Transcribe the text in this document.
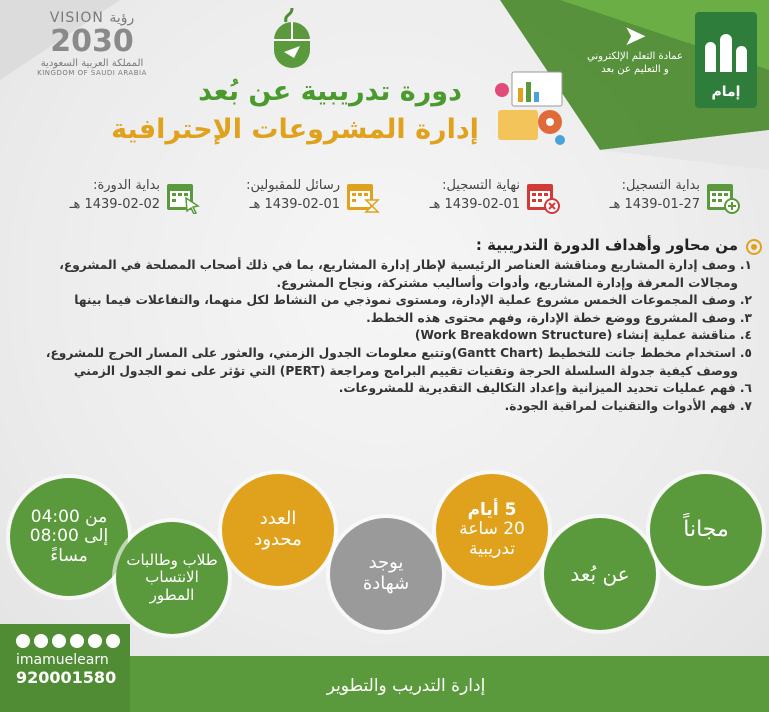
إمام
➤
عمادة التعلم الإلكتروني
و التعليم عن بعد
VISION رؤية
2030
المملكة العربية السعودية
KINGDOM OF SAUDI ARABIA
دورة تدريبية عن بُعد
إدارة المشروعات الإحترافية
بداية التسجيل:
1439-01-27 هـ
نهاية التسجيل:
1439-02-01 هـ
رسائل للمقبولين:
1439-02-01 هـ
بداية الدورة:
1439-02-02 هـ
من محاور وأهداف الدورة التدريبية :
١. وصف إدارة المشاريع ومناقشة العناصر الرئيسية لإطار إدارة المشاريع، بما في ذلك أصحاب المصلحة في المشروع،
ومجالات المعرفة وإدارة المشاريع، وأدوات وأساليب مشتركة، ونجاح المشروع.
٢. وصف المجموعات الخمس مشروع عملية الإدارة، ومستوى نموذجي من النشاط لكل منهما، والتفاعلات فيما بينها
٣. وصف المشروع ووضع خطة الإدارة، وفهم محتوى هذه الخطط.
٤. مناقشة عملية إنشاء (Work Breakdown Structure)
٥. استخدام مخطط جانت للتخطيط (Gantt Chart)وتتبع معلومات الجدول الزمني، والعثور على المسار الحرج للمشروع،
ووصف كيفية جدولة السلسلة الحرجة وتقنيات تقييم البرامج ومراجعة (PERT) التي تؤثر على نمو الجدول الزمني
٦. فهم عمليات تحديد الميزانية وإعداد التكاليف التقديرية للمشروعات.
٧. فهم الأدوات والتقنيات لمراقبة الجودة.
من 04:00
إلى 08:00
مساءً	طلاب وطالبات
الانتساب
المطور
العدد
محدود
يوجد
شهادة
5 أيام
20 ساعة
تدريبية
عن بُعد
مجاناً
إدارة التدريب والتطوير
imamuelearn
920001580
